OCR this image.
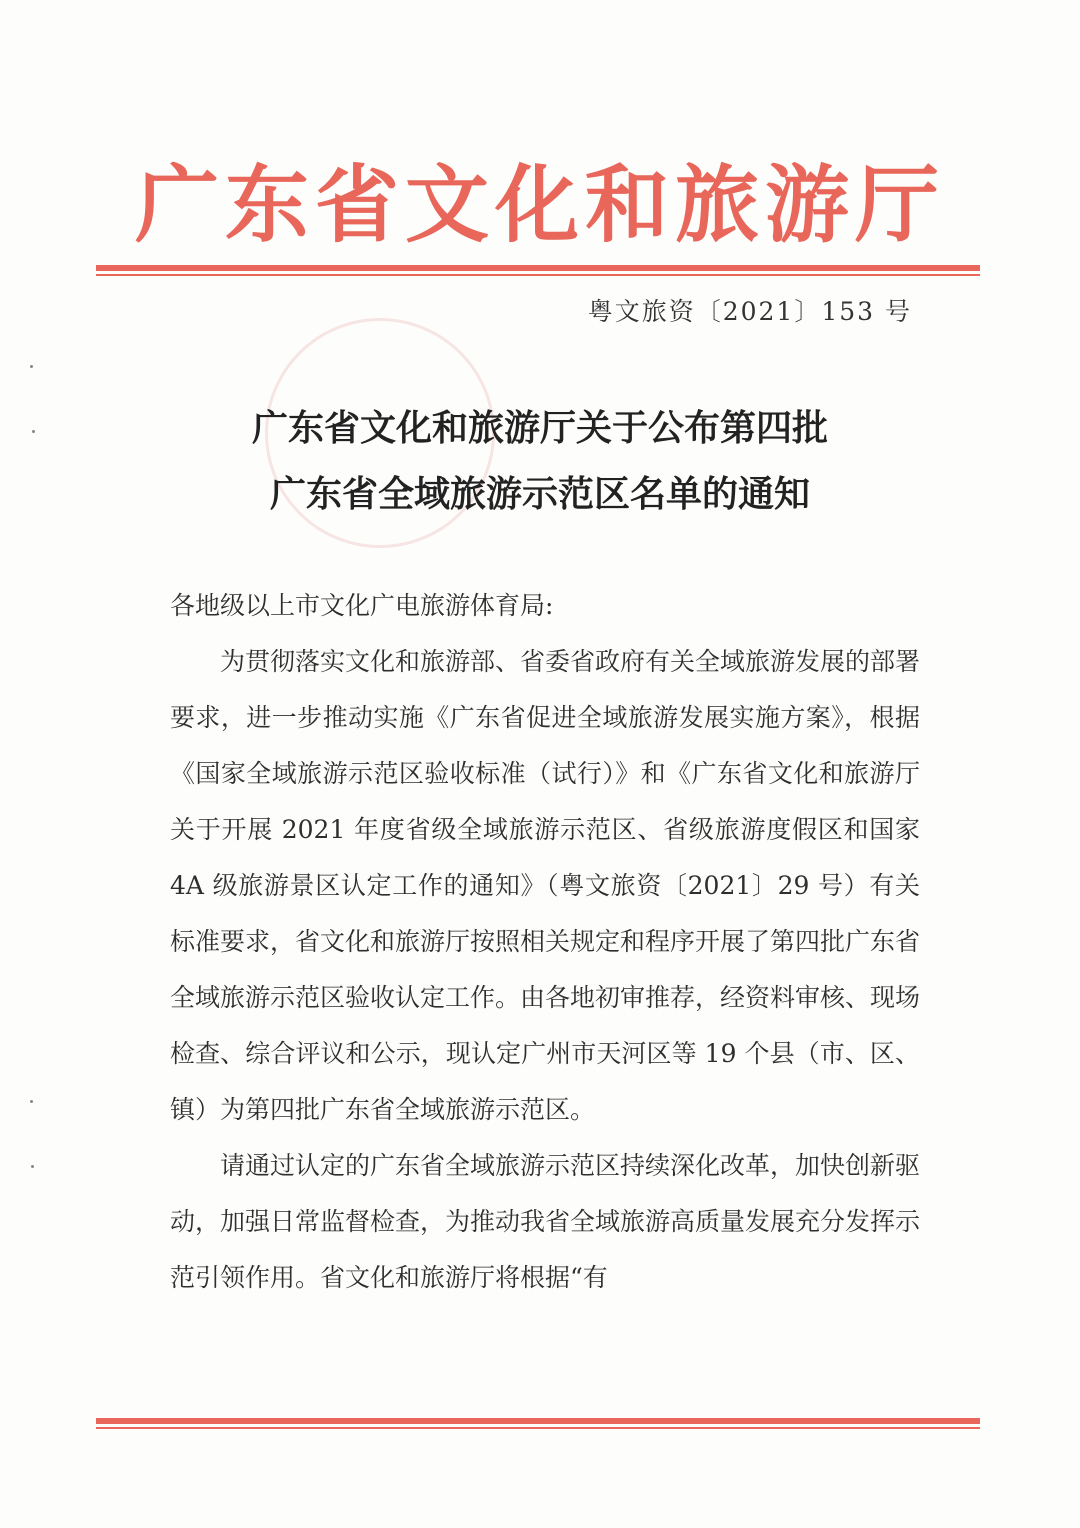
广东省文化和旅游厅
粤文旅资〔2021〕153 号
广东省文化和旅游厅关于公布第四批
广东省全域旅游示范区名单的通知

各地级以上市文化广电旅游体育局:

为贯彻落实文化和旅游部、省委省政府有关全域旅游发展的部署要求，进一步推动实施《广东省促进全域旅游发展实施方案》，根据《国家全域旅游示范区验收标准（试行）》和《广东省文化和旅游厅关于开展 2021 年度省级全域旅游示范区、省级旅游度假区和国家 4A 级旅游景区认定工作的通知》（粤文旅资〔2021〕29 号）有关标准要求，省文化和旅游厅按照相关规定和程序开展了第四批广东省全域旅游示范区验收认定工作。由各地初审推荐，经资料审核、现场检查、综合评议和公示，现认定广州市天河区等 19 个县（市、区、镇）为第四批广东省全域旅游示范区。

请通过认定的广东省全域旅游示范区持续深化改革，加快创新驱动，加强日常监督检查，为推动我省全域旅游高质量发展充分发挥示范引领作用。省文化和旅游厅将根据“有
